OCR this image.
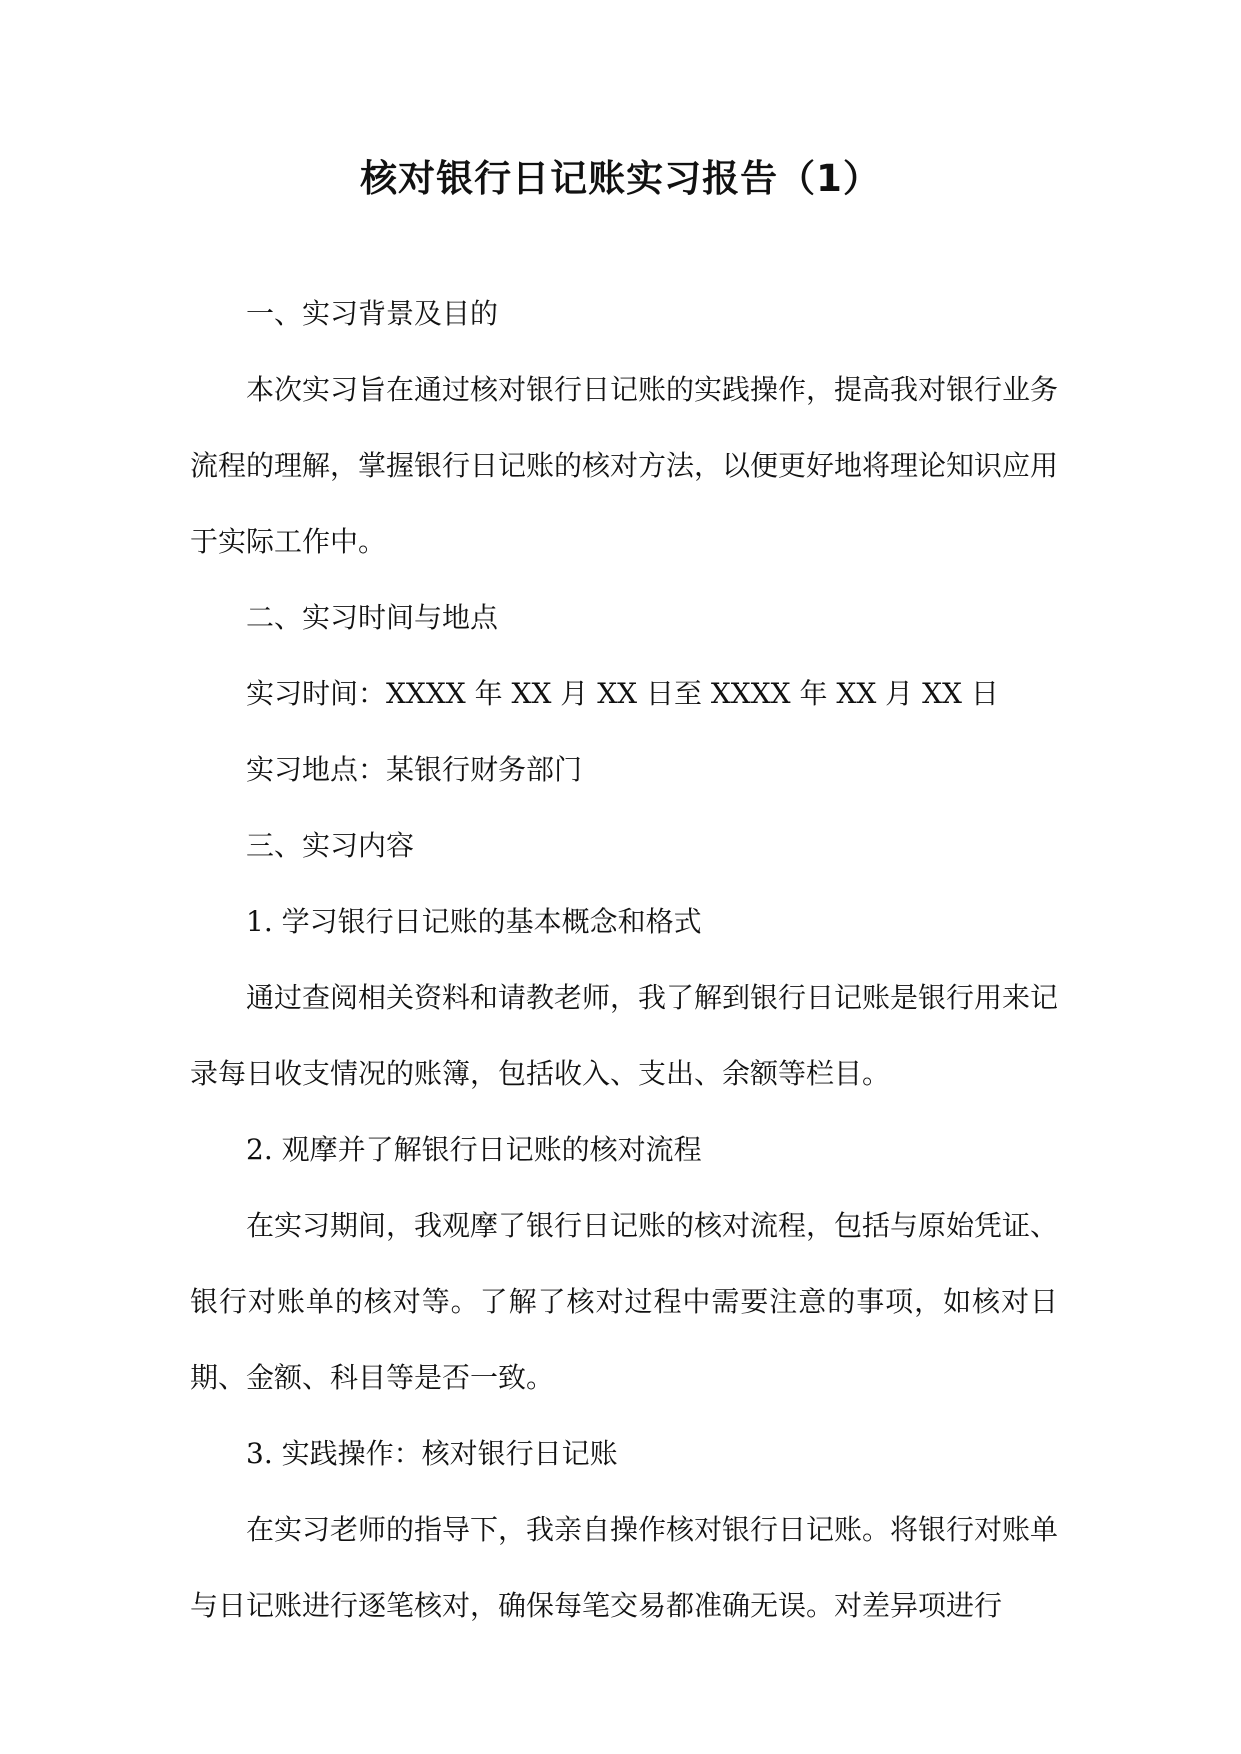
核对银行日记账实习报告（1）

一、实习背景及目的

本次实习旨在通过核对银行日记账的实践操作，提高我对银行业务流程的理解，掌握银行日记账的核对方法，以便更好地将理论知识应用于实际工作中。

二、实习时间与地点

实习时间：XXXX 年 XX 月 XX 日至 XXXX 年 XX 月 XX 日

实习地点：某银行财务部门

三、实习内容

1. 学习银行日记账的基本概念和格式

通过查阅相关资料和请教老师，我了解到银行日记账是银行用来记录每日收支情况的账簿，包括收入、支出、余额等栏目。

2. 观摩并了解银行日记账的核对流程

在实习期间，我观摩了银行日记账的核对流程，包括与原始凭证、银行对账单的核对等。了解了核对过程中需要注意的事项，如核对日期、金额、科目等是否一致。

3. 实践操作：核对银行日记账

在实习老师的指导下，我亲自操作核对银行日记账。将银行对账单与日记账进行逐笔核对，确保每笔交易都准确无误。对差异项进行
